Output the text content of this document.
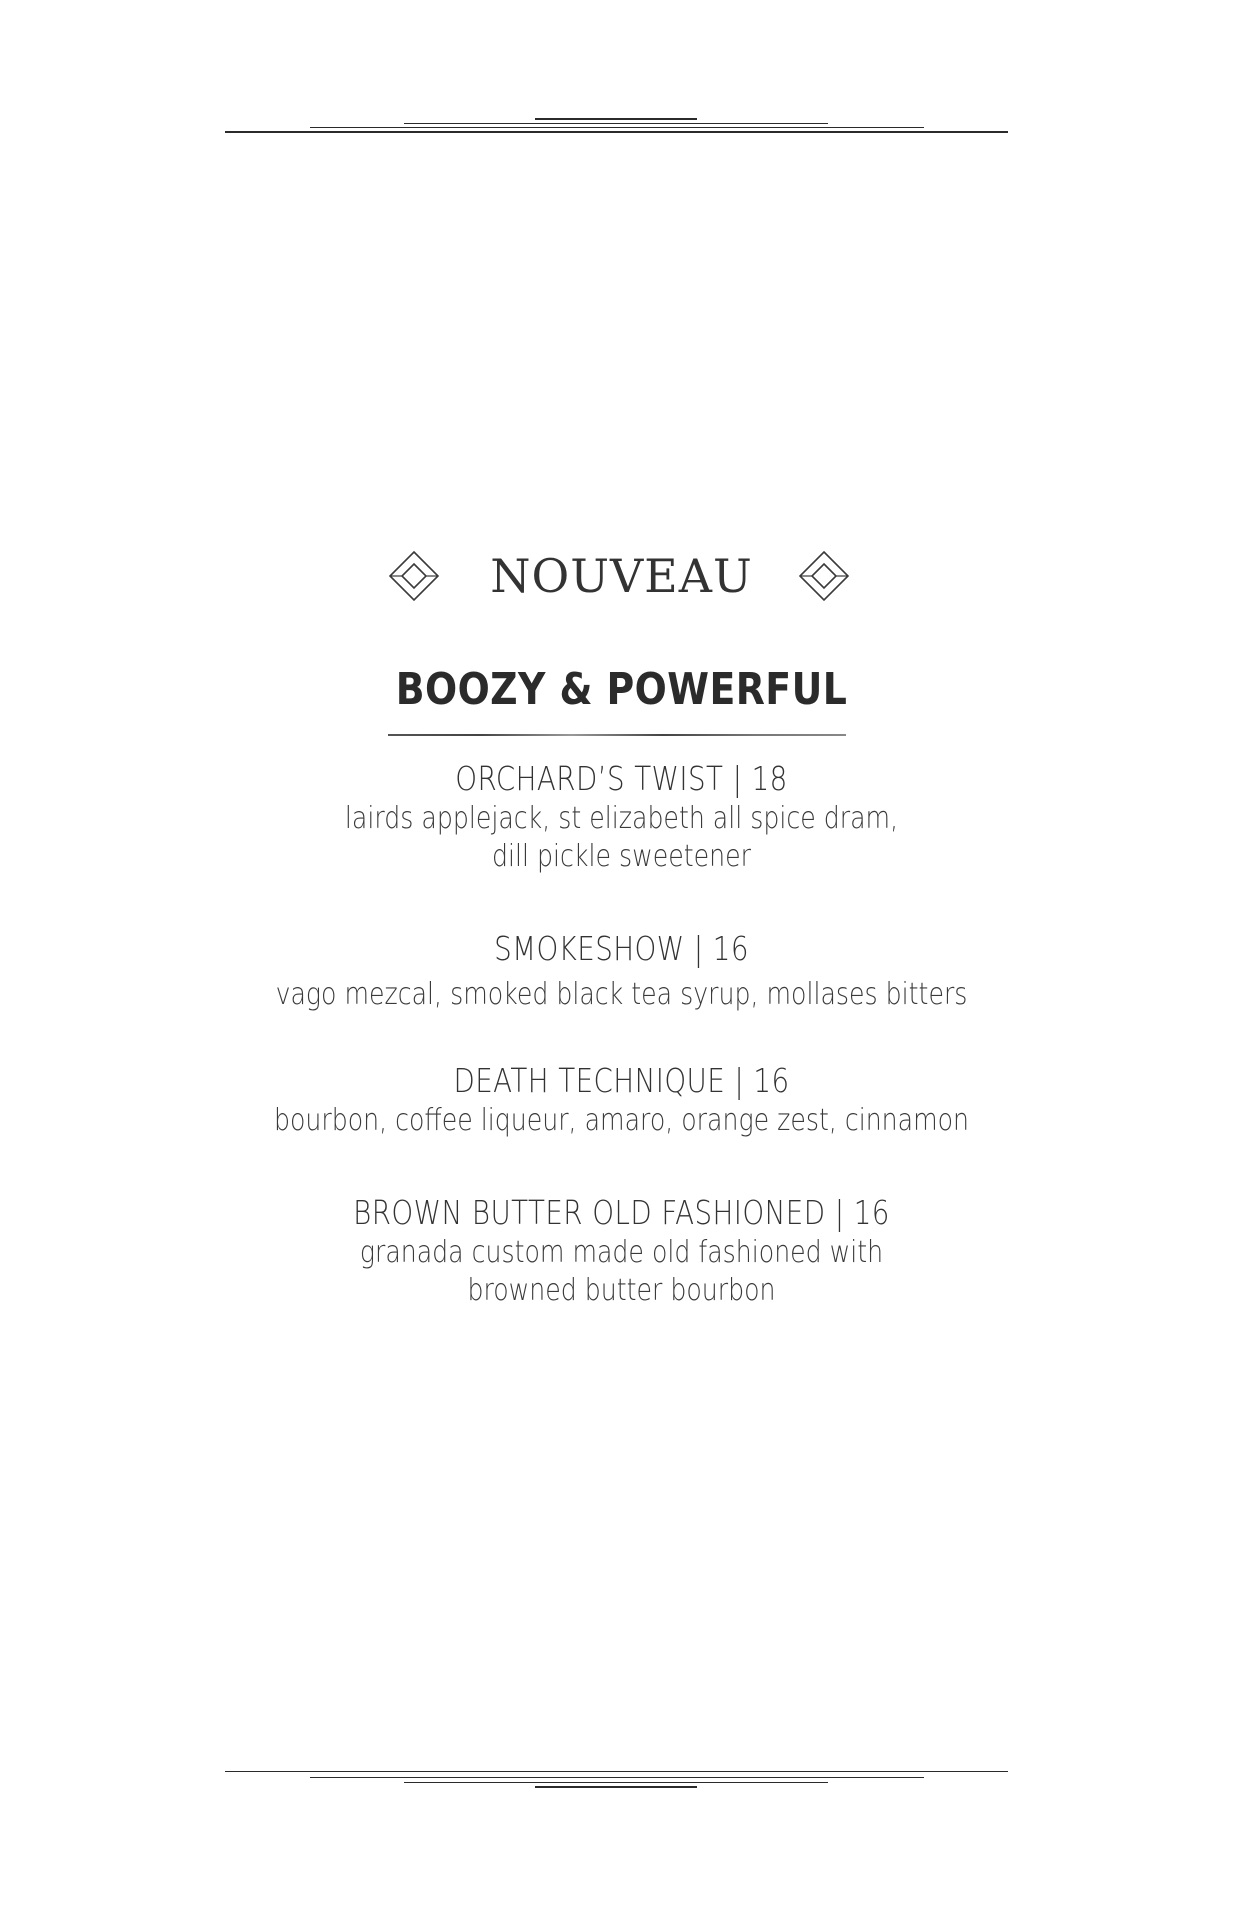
NOUVEAU
BOOZY & POWERFUL
ORCHARD’S TWIST | 18
lairds applejack, st elizabeth all spice dram,
dill pickle sweetener
SMOKESHOW | 16
vago mezcal, smoked black tea syrup, mollases bitters
DEATH TECHNIQUE | 16
bourbon, coffee liqueur, amaro, orange zest, cinnamon
BROWN BUTTER OLD FASHIONED | 16
granada custom made old fashioned with
browned butter bourbon
